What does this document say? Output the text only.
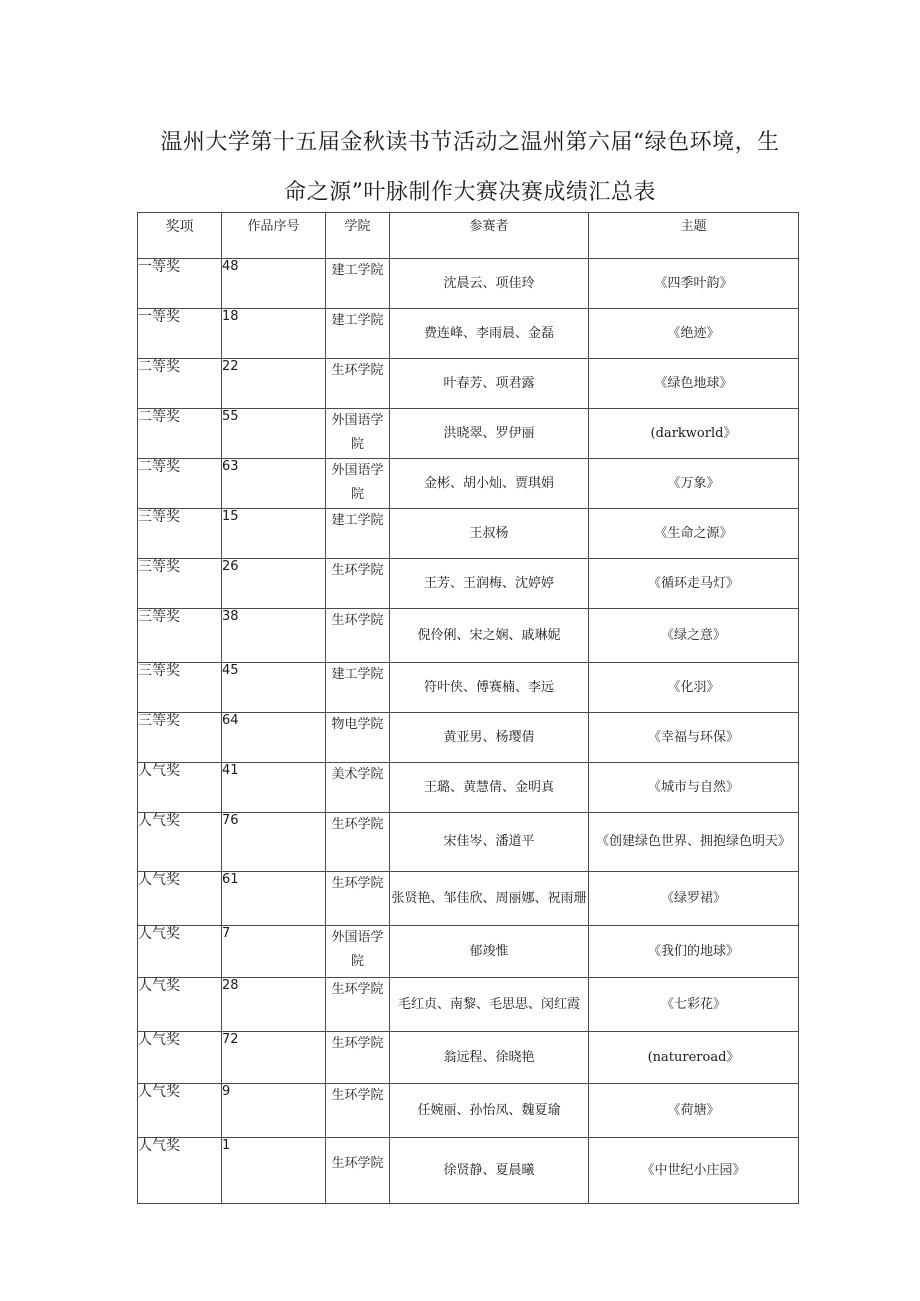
温州大学第十五届金秋读书节活动之温州第六届“绿色环境，生
命之源”叶脉制作大赛决赛成绩汇总表
奖项	作品序号	学院	参赛者	主题
一等奖	48	建工学院	沈晨云、项佳玲	《四季叶韵》
一等奖	18	建工学院	费连峰、李雨晨、金磊	《绝迹》
二等奖	22	生环学院	叶春芳、项君露	《绿色地球》
二等奖	55	外国语学院	洪晓翠、罗伊丽	(darkworld》
二等奖	63	外国语学院	金彬、胡小灿、贾琪娟	《万象》
三等奖	15	建工学院	王叔杨	《生命之源》
三等奖	26	生环学院	王芳、王润梅、沈婷婷	《循环走马灯》
三等奖	38	生环学院	倪伶俐、宋之娴、戚琳妮	《绿之意》
三等奖	45	建工学院	符叶侠、傅赛楠、李远	《化羽》
三等奖	64	物电学院	黄亚男、杨璎倩	《幸福与环保》
人气奖	41	美术学院	王璐、黄慧倩、金明真	《城市与自然》
人气奖	76	生环学院	宋佳岑、潘道平	《创建绿色世界、拥抱绿色明天》
人气奖	61	生环学院	张贤艳、邹佳欣、周丽娜、祝雨珊	《绿罗裙》
人气奖	7	外国语学院	郁竣惟	《我们的地球》
人气奖	28	生环学院	毛红贞、南黎、毛思思、闵红霞	《七彩花》
人气奖	72	生环学院	翁远程、徐晓艳	(natureroad》
人气奖	9	生环学院	任婉丽、孙怡凤、魏夏瑜	《荷塘》
人气奖	1	生环学院	徐贤静、夏晨曦	《中世纪小庄园》
